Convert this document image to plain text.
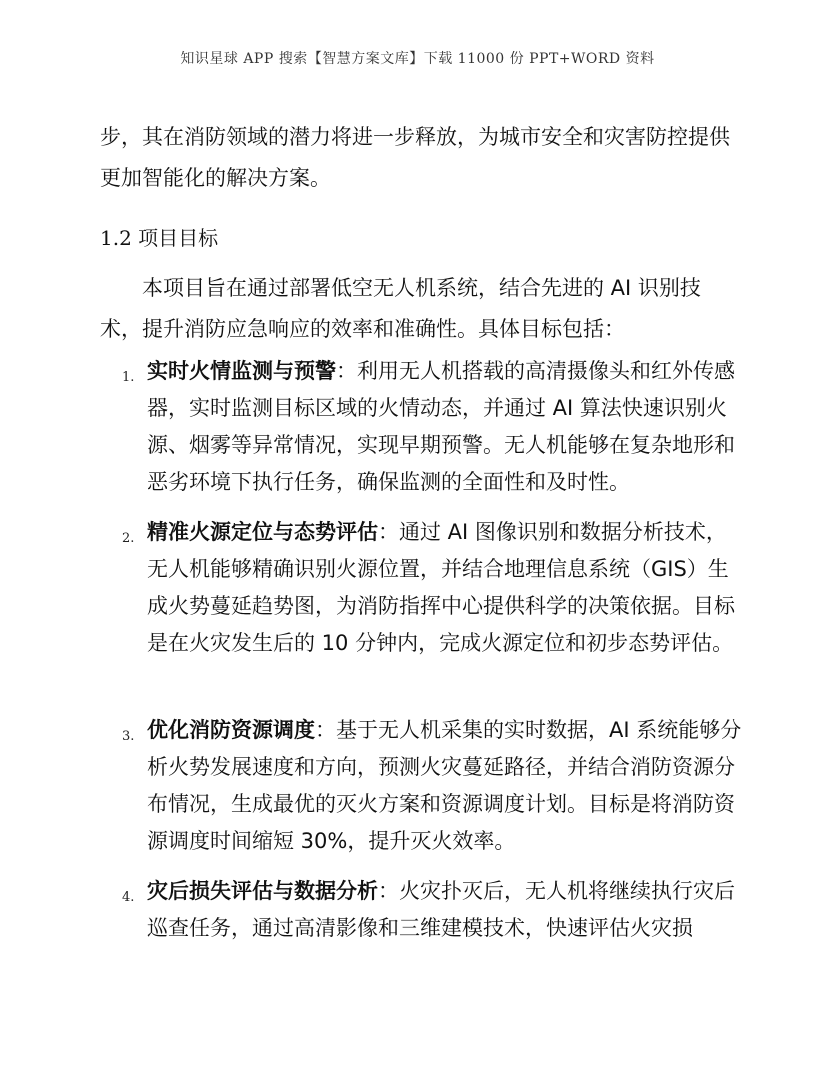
知识星球 APP 搜索【智慧方案文库】下载 11000 份 PPT+WORD 资料

步，其在消防领域的潜力将进一步释放，为城市安全和灾害防控提供更加智能化的解决方案。

1.2 项目目标

本项目旨在通过部署低空无人机系统，结合先进的 AI 识别技术，提升消防应急响应的效率和准确性。具体目标包括：

1. 实时火情监测与预警：利用无人机搭载的高清摄像头和红外传感器，实时监测目标区域的火情动态，并通过 AI 算法快速识别火源、烟雾等异常情况，实现早期预警。无人机能够在复杂地形和恶劣环境下执行任务，确保监测的全面性和及时性。

2. 精准火源定位与态势评估：通过 AI 图像识别和数据分析技术，无人机能够精确识别火源位置，并结合地理信息系统（GIS）生成火势蔓延趋势图，为消防指挥中心提供科学的决策依据。目标是在火灾发生后的 10 分钟内，完成火源定位和初步态势评估。

3. 优化消防资源调度：基于无人机采集的实时数据，AI 系统能够分析火势发展速度和方向，预测火灾蔓延路径，并结合消防资源分布情况，生成最优的灭火方案和资源调度计划。目标是将消防资源调度时间缩短 30%，提升灭火效率。

4. 灾后损失评估与数据分析：火灾扑灭后，无人机将继续执行灾后巡查任务，通过高清影像和三维建模技术，快速评估火灾损
